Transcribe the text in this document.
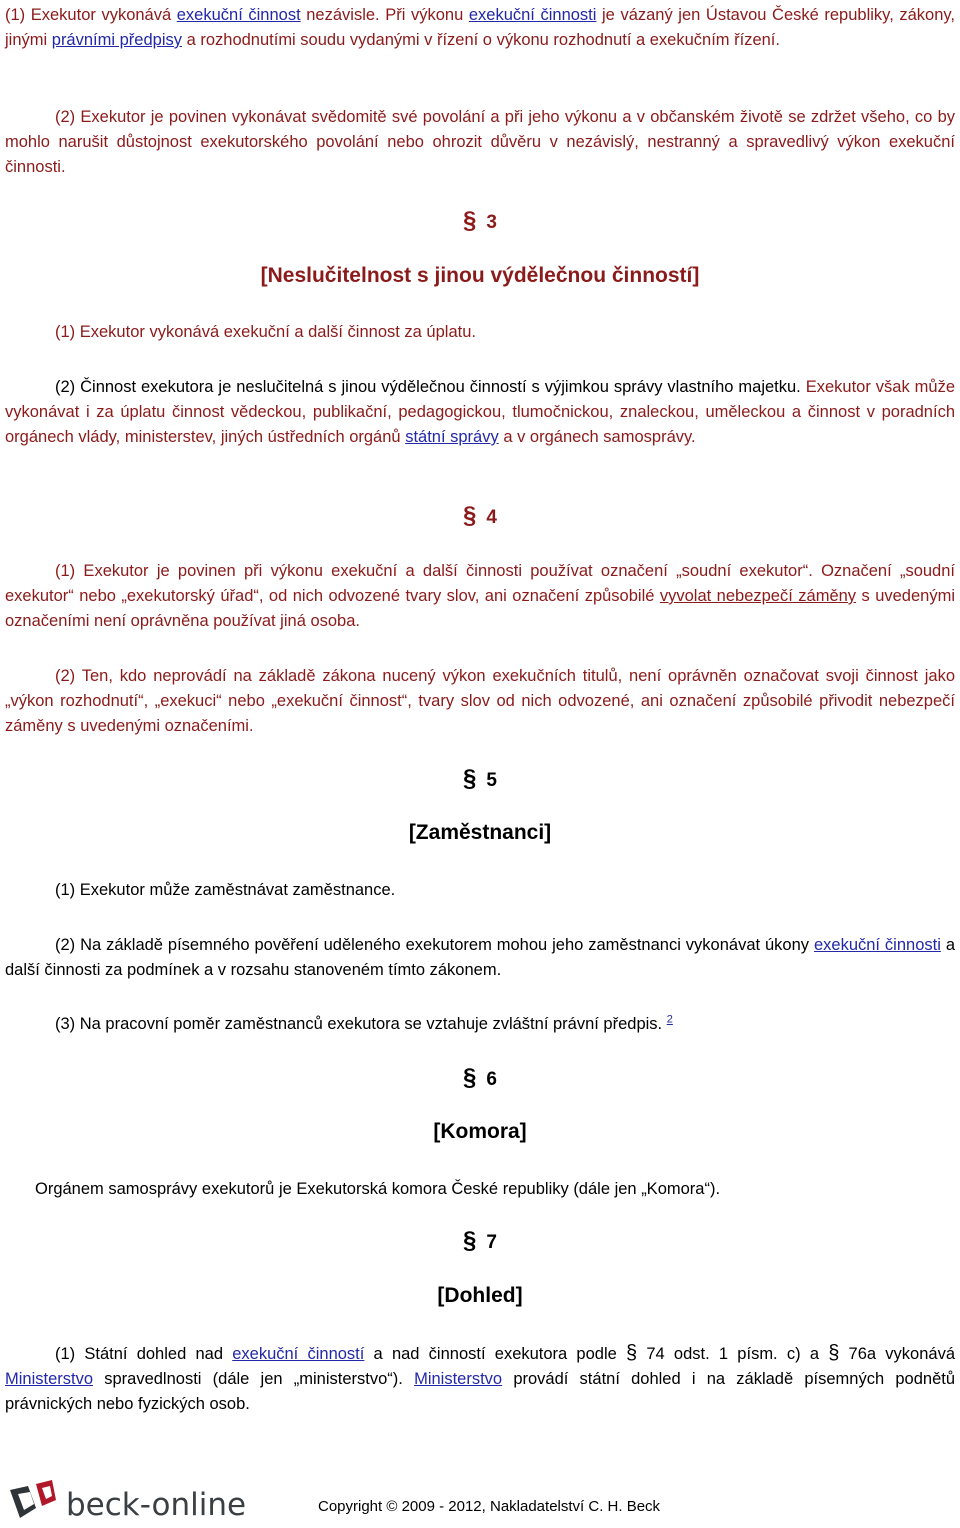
(1) Exekutor vykonává exekuční činnost nezávisle. Při výkonu exekuční činnosti je vázaný jen Ústavou České republiky, zákony, jinými právními předpisy a rozhodnutími soudu vydanými v řízení o výkonu rozhodnutí a exekučním řízení.

(2) Exekutor je povinen vykonávat svědomitě své povolání a při jeho výkonu a v občanském životě se zdržet všeho, co by mohlo narušit důstojnost exekutorského povolání nebo ohrozit důvěru v nezávislý, nestranný a spravedlivý výkon exekuční činnosti.

§ 3
[Neslučitelnost s jinou výdělečnou činností]

(1) Exekutor vykonává exekuční a další činnost za úplatu.

(2) Činnost exekutora je neslučitelná s jinou výdělečnou činností s výjimkou správy vlastního majetku. Exekutor však může vykonávat i za úplatu činnost vědeckou, publikační, pedagogickou, tlumočnickou, znaleckou, uměleckou a činnost v poradních orgánech vlády, ministerstev, jiných ústředních orgánů státní správy a v orgánech samosprávy.

§ 4

(1) Exekutor je povinen při výkonu exekuční a další činnosti používat označení „soudní exekutor“. Označení „soudní exekutor“ nebo „exekutorský úřad“, od nich odvozené tvary slov, ani označení způsobilé vyvolat nebezpečí záměny s uvedenými označeními není oprávněna používat jiná osoba.

(2) Ten, kdo neprovádí na základě zákona nucený výkon exekučních titulů, není oprávněn označovat svoji činnost jako „výkon rozhodnutí“, „exekuci“ nebo „exekuční činnost“, tvary slov od nich odvozené, ani označení způsobilé přivodit nebezpečí záměny s uvedenými označeními.

§ 5
[Zaměstnanci]

(1) Exekutor může zaměstnávat zaměstnance.

(2) Na základě písemného pověření uděleného exekutorem mohou jeho zaměstnanci vykonávat úkony exekuční činnosti a další činnosti za podmínek a v rozsahu stanoveném tímto zákonem.

(3) Na pracovní poměr zaměstnanců exekutora se vztahuje zvláštní právní předpis. $^2$

§ 6
[Komora]

Orgánem samosprávy exekutorů je Exekutorská komora České republiky (dále jen „Komora“).

§ 7
[Dohled]

(1) Státní dohled nad exekuční činností a nad činností exekutora podle § 74 odst. 1 písm. c) a § 76a vykonává Ministerstvo spravedlnosti (dále jen „ministerstvo“). Ministerstvo provádí státní dohled i na základě písemných podnětů právnických nebo fyzických osob.

beck-online	Copyright © 2009 - 2012, Nakladatelství C. H. Beck
